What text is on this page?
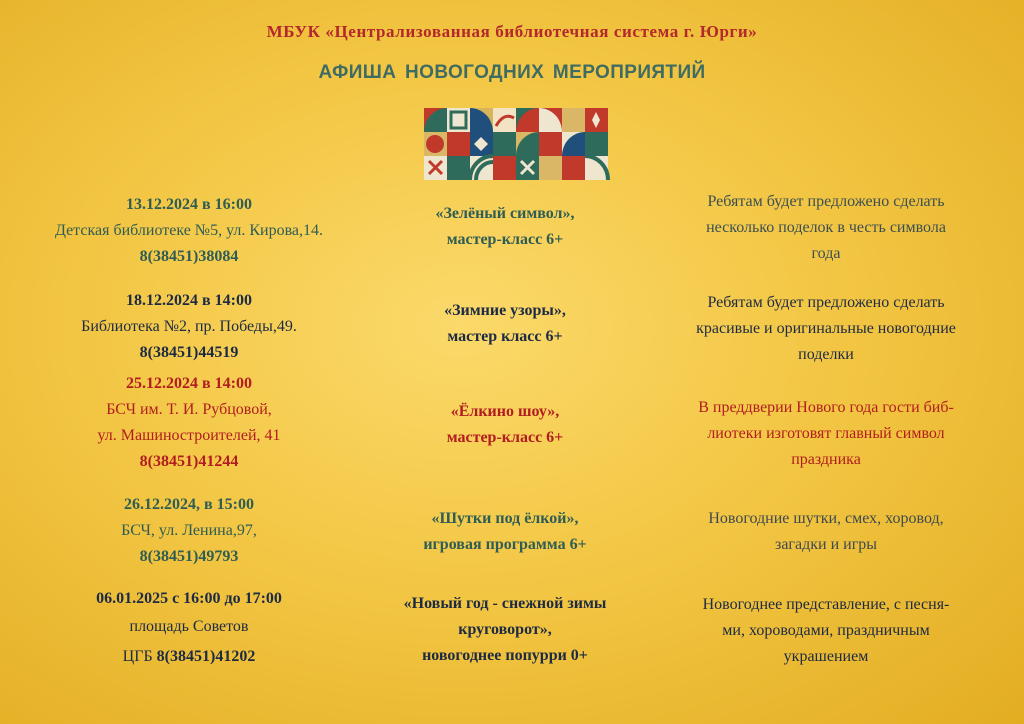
МБУК «Централизованная библиотечная система г. Юрги»
АФИША НОВОГОДНИХ МЕРОПРИЯТИЙ
13.12.2024 в 16:00
Детская библиотеке №5, ул. Кирова,14.
8(38451)38084
«Зелёный символ»,
мастер-класс 6+
Ребятам будет предложено сделать
несколько поделок в честь символа
года
18.12.2024 в 14:00
Библиотека №2, пр. Победы,49.
8(38451)44519
«Зимние узоры»,
мастер класс 6+
Ребятам будет предложено сделать
красивые и оригинальные новогодние
поделки
25.12.2024 в 14:00
БСЧ им. Т. И. Рубцовой,
ул. Машиностроителей, 41
8(38451)41244
«Ёлкино шоу»,
мастер-класс 6+
В преддверии Нового года гости биб-
лиотеки изготовят главный символ
праздника
26.12.2024, в 15:00
БСЧ, ул. Ленина,97,
8(38451)49793
«Шутки под ёлкой»,
игровая программа 6+
Новогодние шутки, смех, хоровод,
загадки и игры
06.01.2025 с 16:00 до 17:00
площадь Советов
ЦГБ 8(38451)41202
«Новый год - снежной зимы
круговорот»,
новогоднее попурри 0+
Новогоднее представление, с песня-
ми, хороводами, праздничным
украшением
